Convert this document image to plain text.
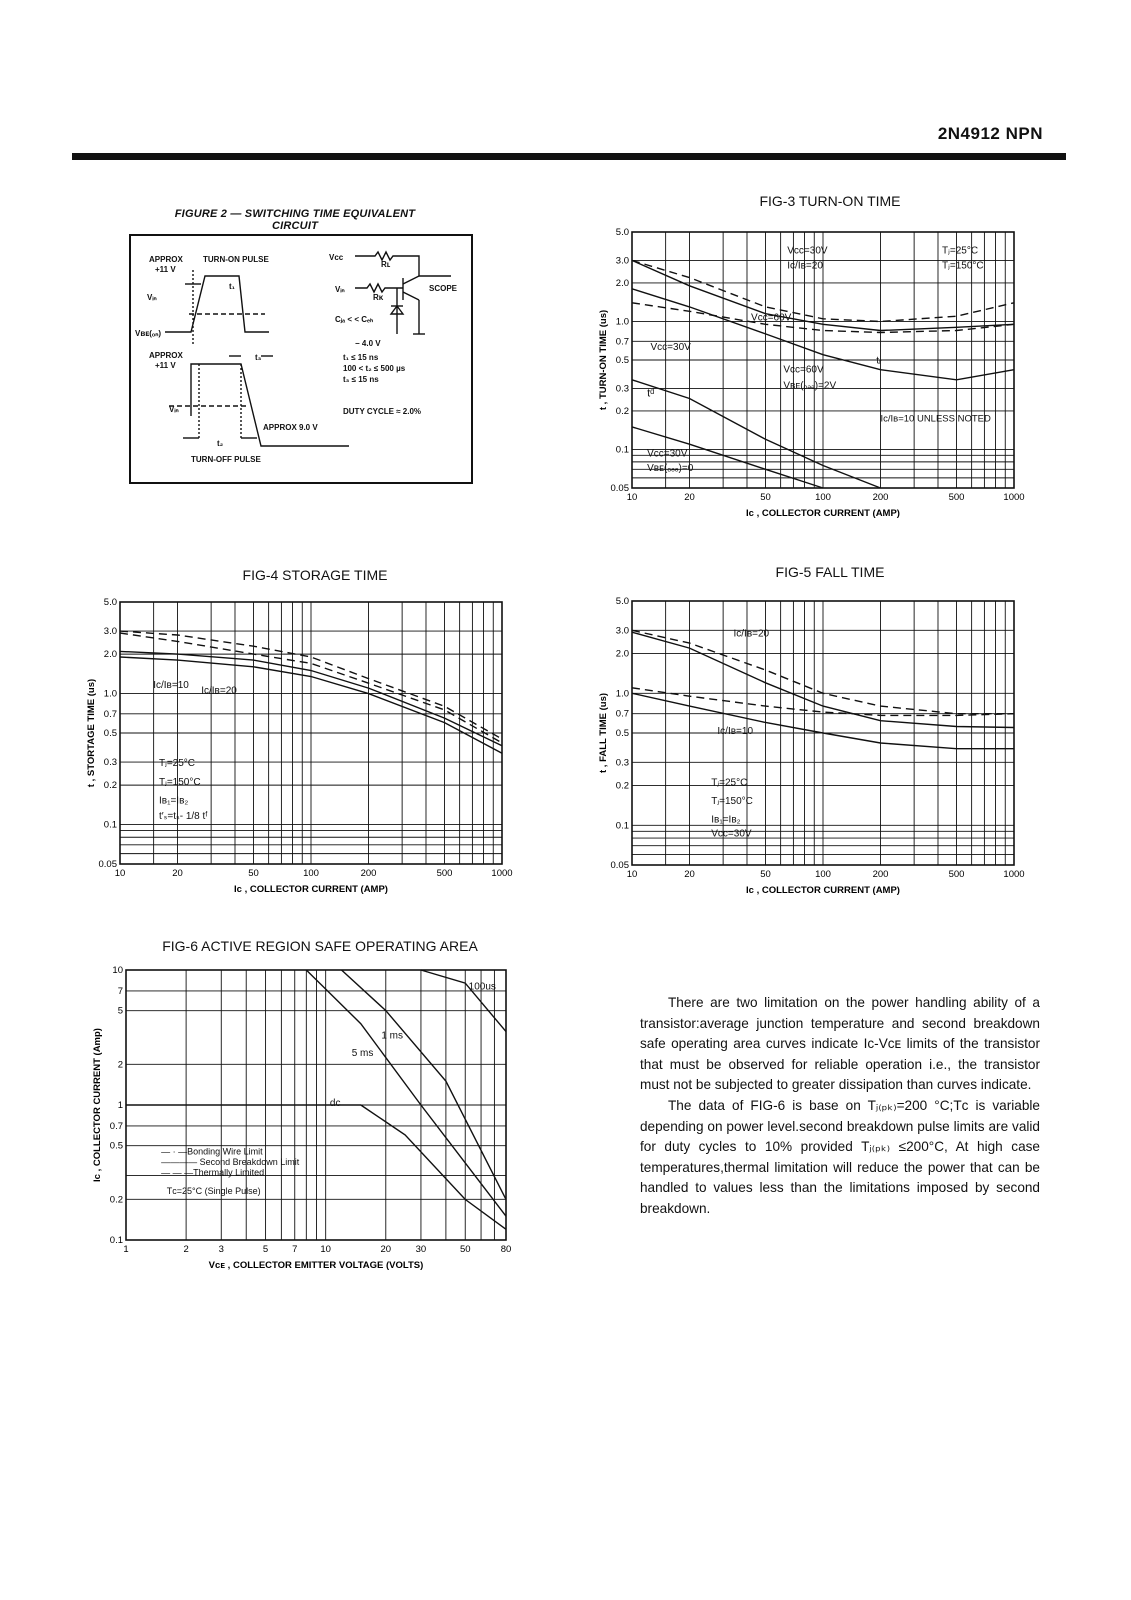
2N4912 NPN
FIGURE 2 — SWITCHING TIME EQUIVALENT CIRCUIT
APPROX
+11 V
TURN-ON PULSE
t₁
Vᵢₙ
Vʙᴇ(ₒₙ)
APPROX
+11 V
t₃
Vᵢₙ
APPROX 9.0 V
t₂
TURN-OFF PULSE
Vcc
Rʟ
Vᵢₙ
Rᴋ
SCOPE
Cⱼₐ < < Cₑₕ
− 4.0 V
t₁ ≤ 15 ns
100 < t₂ ≤ 500 µs
t₃ ≤ 15 ns
DUTY CYCLE ≈ 2.0%
FIG-3 TURN-ON TIME
5.0
3.0
2.0
1.0
0.7
0.5
0.3
0.2
0.1
0.05
10	20	50	100	200	500	1000
Iᴄ , COLLECTOR CURRENT (AMP)
t , TURN-ON TIME (us)
Vᴄᴄ=30V
Iᴄ/Iʙ=20
Tⱼ=25°C
Tⱼ=150°C
Vᴄᴄ=60V
Vᴄᴄ=30V
tᵣ
tᵈ
Vᴄᴄ=60V
Vʙᴇ(ₒₔₔ)=2V
Iᴄ/Iʙ=10 UNLESS NOTED
Vᴄᴄ=30V
Vʙᴇ(ₒₔₔ)=0
FIG-4 STORAGE TIME
5.0
3.0
2.0
1.0
0.7
0.5
0.3
0.2
0.1
0.05
10	20	50	100	200	500	1000
Iᴄ , COLLECTOR CURRENT (AMP)
t , STORTAGE TIME (us)	Iᴄ/Iʙ=10 Iᴄ/Iʙ=20
Tⱼ=25°C
Tⱼ=150°C
Iʙ₁=Iʙ₂
t′ₛ=tₛ- 1/8 tᶠ
FIG-5 FALL TIME
5.0
3.0
2.0
1.0
0.7
0.5
0.3
0.2
0.1
0.05
10	20	50	100	200	500	1000
Iᴄ , COLLECTOR CURRENT (AMP)
t , FALL TIME (us)
Iᴄ/Iʙ=20
Iᴄ/Iʙ=10
Tⱼ=25°C
Tⱼ=150°C
Iʙ₁=Iʙ₂
Vᴄᴄ=30V
FIG-6 ACTIVE REGION SAFE OPERATING AREA
10
7
5
2
1
0.7
0.5
0.2
0.1
1	2	3	5	7 10	20	30	50	80
Vᴄᴇ , COLLECTOR EMITTER VOLTAGE (VOLTS)
Iᴄ , COLLECTOR CURRENT (Amp)
100us
1 ms
5 ms
dc
— · —Bonding Wire Limit
———— Second Breakdown Limit
— — —Thermally Limited
Tᴄ=25°C (Single Pulse)

There are two limitation on the power handling ability of a transistor:average junction temperature and second breakdown safe operating area curves indicate Iᴄ-Vᴄᴇ limits of the transistor that must be observed for reliable operation i.e., the transistor must not be subjected to greater dissipation than curves indicate.

The data of FIG-6 is base on Tⱼ₍ₚₖ₎=200 °C;Tᴄ is variable depending on power level.second breakdown pulse limits are valid for duty cycles to 10% provided Tⱼ₍ₚₖ₎ ≤200°C, At high case temperatures,thermal limitation will reduce the power that can be handled to values less than the limitations imposed by second breakdown.
